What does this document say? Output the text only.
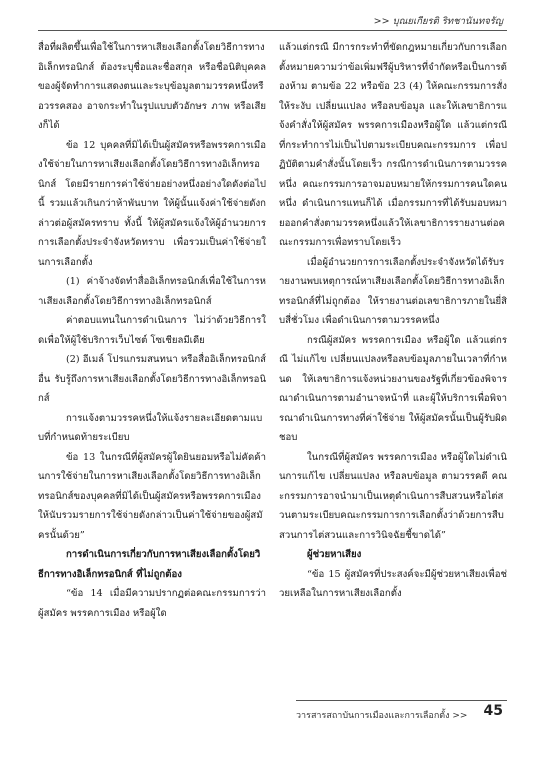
>> บุณยเกียรติ ริทชานันทจรัญ

สื่อที่ผลิตขึ้นเพื่อใช้ในการหาเสียงเลือกตั้งโดยวิธีการทางอิเล็กทรอนิกส์ ต้องระบุชื่อและชื่อสกุล หรือชื่อนิติบุคคลของผู้จัดทำการแสดงตนและระบุข้อมูลตามวรรคหนึ่งหรือวรรคสอง อาจกระทำในรูปแบบตัวอักษร ภาพ หรือเสียงก็ได้

ข้อ 12 บุคคลที่มิได้เป็นผู้สมัครหรือพรรคการเมืองใช้จ่ายในการหาเสียงเลือกตั้งโดยวิธีการทางอิเล็กทรอนิกส์ โดยมีรายการค่าใช้จ่ายอย่างหนึ่งอย่างใดดังต่อไปนี้ รวมแล้วเกินกว่าห้าพันบาท ให้ผู้นั้นแจ้งค่าใช้จ่ายดังกล่าวต่อผู้สมัครทราบ ทั้งนี้ ให้ผู้สมัครแจ้งให้ผู้อำนวยการการเลือกตั้งประจำจังหวัดทราบ เพื่อรวมเป็นค่าใช้จ่ายในการเลือกตั้ง

(1) ค่าจ้างจัดทำสื่ออิเล็กทรอนิกส์เพื่อใช้ในการหาเสียงเลือกตั้งโดยวิธีการทางอิเล็กทรอนิกส์

ค่าตอบแทนในการดำเนินการ ไม่ว่าด้วยวิธีการใดเพื่อให้ผู้ใช้บริการเว็บไซต์ โซเชียลมีเดีย

(2) อีเมล์ โปรแกรมสนทนา หรือสื่ออิเล็กทรอนิกส์อื่น รับรู้ถึงการหาเสียงเลือกตั้งโดยวิธีการทางอิเล็กทรอนิกส์

การแจ้งตามวรรคหนึ่งให้แจ้งรายละเอียดตามแบบที่กำหนดท้ายระเบียบ

ข้อ 13 ในกรณีที่ผู้สมัครผู้ใดยินยอมหรือไม่คัดค้านการใช้จ่ายในการหาเสียงเลือกตั้งโดยวิธีการทางอิเล็กทรอนิกส์ของบุคคลที่มิได้เป็นผู้สมัครหรือพรรคการเมือง ให้นับรวมรายการใช้จ่ายดังกล่าวเป็นค่าใช้จ่ายของผู้สมัครนั้นด้วย”

การดำเนินการเกี่ยวกับการหาเสียงเลือกตั้งโดยวิธีการทางอิเล็กทรอนิกส์ ที่ไม่ถูกต้อง

“ข้อ 14 เมื่อมีความปรากฏต่อคณะกรรมการว่า ผู้สมัคร พรรคการเมือง หรือผู้ใด

แล้วแต่กรณี มีการกระทำที่ขัดกฎหมายเกี่ยวกับการเลือกตั้งหมายความว่าข้อเพิ่มฟรีผู้บริหารที่จำกัดหรือเป็นการต้องห้าม ตามข้อ 22 หรือข้อ 23 (4) ให้คณะกรรมการสั่งให้ระงับ เปลี่ยนแปลง หรือลบข้อมูล และให้เลขาธิการแจ้งคำสั่งให้ผู้สมัคร พรรคการเมืองหรือผู้ใด แล้วแต่กรณี ที่กระทำการไม่เป็นไปตามระเบียบคณะกรรมการ เพื่อปฏิบัติตามคำสั่งนั้นโดยเร็ว กรณีการดำเนินการตามวรรคหนึ่ง คณะกรรมการอาจมอบหมายให้กรรมการคนใดคนหนึ่ง ดำเนินการแทนก็ได้ เมื่อกรรมการที่ได้รับมอบหมายออกคำสั่งตามวรรคหนึ่งแล้วให้เลขาธิการรายงานต่อคณะกรรมการเพื่อทราบโดยเร็ว

เมื่อผู้อำนวยการการเลือกตั้งประจำจังหวัดได้รับรายงานพบเหตุการณ์หาเสียงเลือกตั้งโดยวิธีการทางอิเล็กทรอนิกส์ที่ไม่ถูกต้อง ให้รายงานต่อเลขาธิการภายในยี่สิบสี่ชั่วโมง เพื่อดำเนินการตามวรรคหนึ่ง

กรณีผู้สมัคร พรรคการเมือง หรือผู้ใด แล้วแต่กรณี ไม่แก้ไข เปลี่ยนแปลงหรือลบข้อมูลภายในเวลาที่กำหนด ให้เลขาธิการแจ้งหน่วยงานของรัฐที่เกี่ยวข้องพิจารณาดำเนินการตามอำนาจหน้าที่ และผู้ให้บริการเพื่อพิจารณาดำเนินการทางที่ค่าใช้จ่าย ให้ผู้สมัครนั้นเป็นผู้รับผิดชอบ

ในกรณีที่ผู้สมัคร พรรคการเมือง หรือผู้ใดไม่ดำเนินการแก้ไข เปลี่ยนแปลง หรือลบข้อมูล ตามวรรคดี คณะกรรมการอาจนำมาเป็นเหตุดำเนินการสืบสวนหรือไต่สวนตามระเบียบคณะกรรมการการเลือกตั้งว่าด้วยการสืบสวนการไต่สวนและการวินิจฉัยชี้ขาดได้”

ผู้ช่วยหาเสียง

“ข้อ 15 ผู้สมัครที่ประสงค์จะมีผู้ช่วยหาเสียงเพื่อช่วยเหลือในการหาเสียงเลือกตั้ง

วารสารสถาบันการเมืองและการเลือกตั้ง >> 45
